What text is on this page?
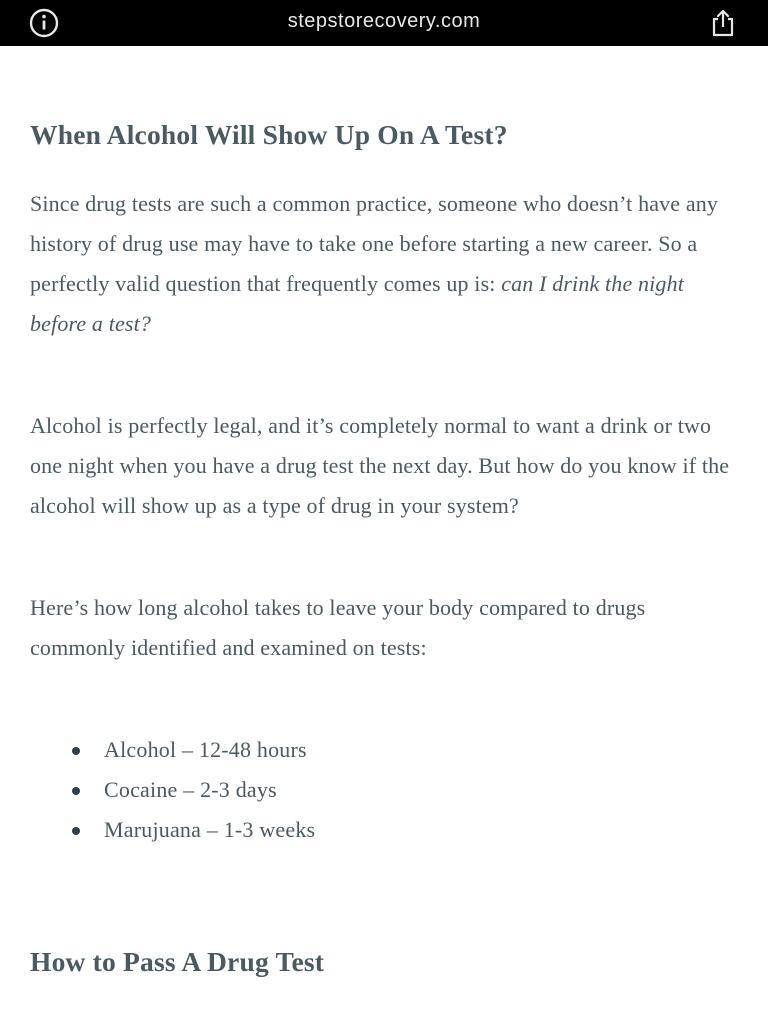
stepstorecovery.com
When Alcohol Will Show Up On A Test?

Since drug tests are such a common practice, someone who doesn’t have any history of drug use may have to take one before starting a new career. So a perfectly valid question that frequently comes up is: can I drink the night before a test?

Alcohol is perfectly legal, and it’s completely normal to want a drink or two one night when you have a drug test the next day. But how do you know if the alcohol will show up as a type of drug in your system?

Here’s how long alcohol takes to leave your body compared to drugs commonly identified and examined on tests:

Alcohol – 12-48 hours
Cocaine – 2-3 days
Marujuana – 1-3 weeks
How to Pass A Drug Test
